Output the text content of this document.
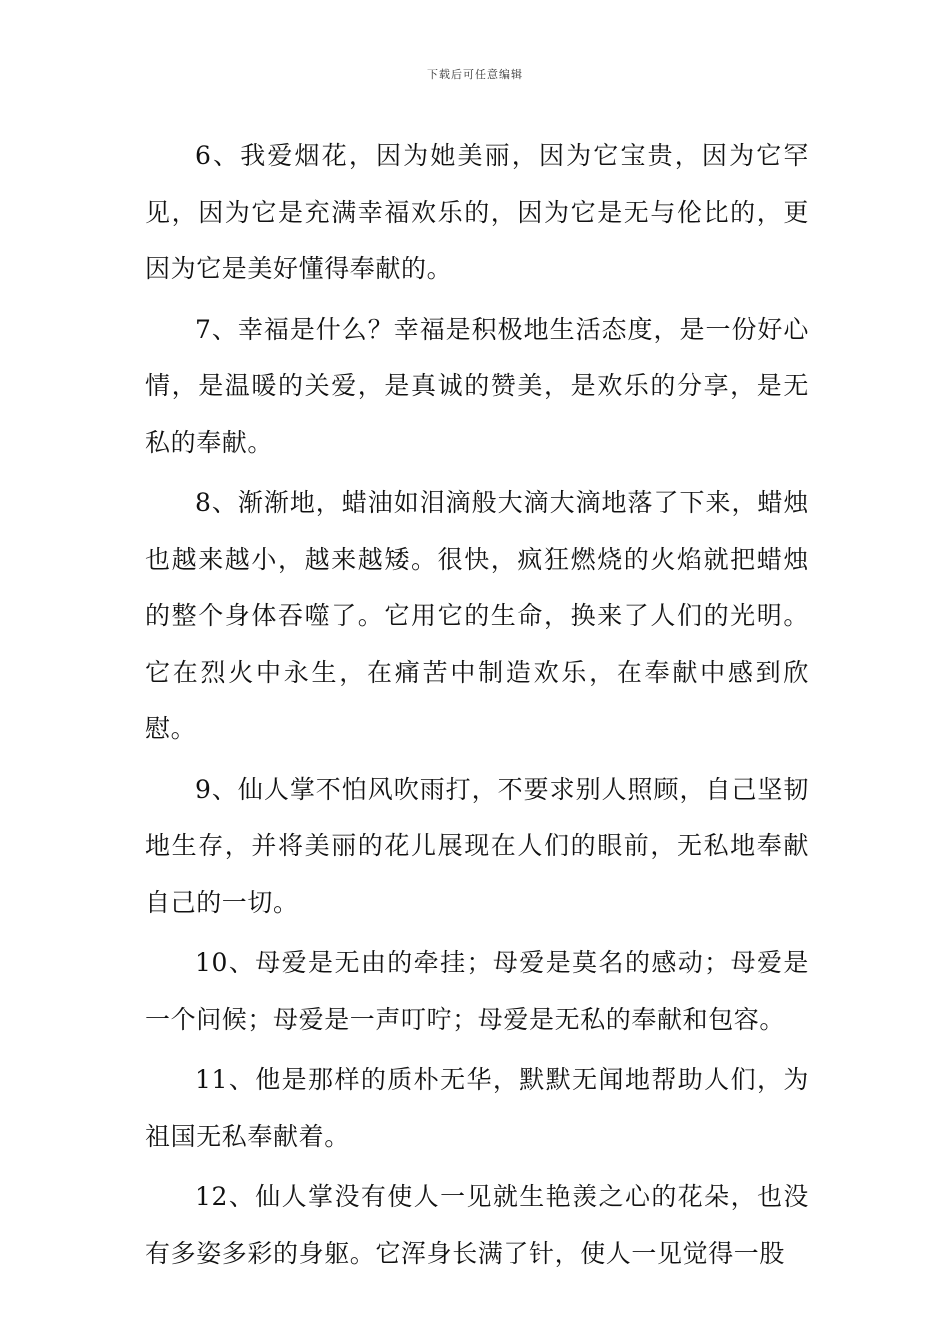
下载后可任意编辑

6、我爱烟花，因为她美丽，因为它宝贵，因为它罕见，因为它是充满幸福欢乐的，因为它是无与伦比的，更因为它是美好懂得奉献的。

7、幸福是什么？幸福是积极地生活态度，是一份好心情，是温暖的关爱，是真诚的赞美，是欢乐的分享，是无私的奉献。

8、渐渐地，蜡油如泪滴般大滴大滴地落了下来，蜡烛也越来越小，越来越矮。很快，疯狂燃烧的火焰就把蜡烛的整个身体吞噬了。它用它的生命，换来了人们的光明。它在烈火中永生，在痛苦中制造欢乐，在奉献中感到欣慰。

9、仙人掌不怕风吹雨打，不要求别人照顾，自己坚韧地生存，并将美丽的花儿展现在人们的眼前，无私地奉献自己的一切。

10、母爱是无由的牵挂；母爱是莫名的感动；母爱是一个问候；母爱是一声叮咛；母爱是无私的奉献和包容。

11、他是那样的质朴无华，默默无闻地帮助人们，为祖国无私奉献着。

12、仙人掌没有使人一见就生艳羡之心的花朵，也没有多姿多彩的身躯。它浑身长满了针，使人一见觉得一股
